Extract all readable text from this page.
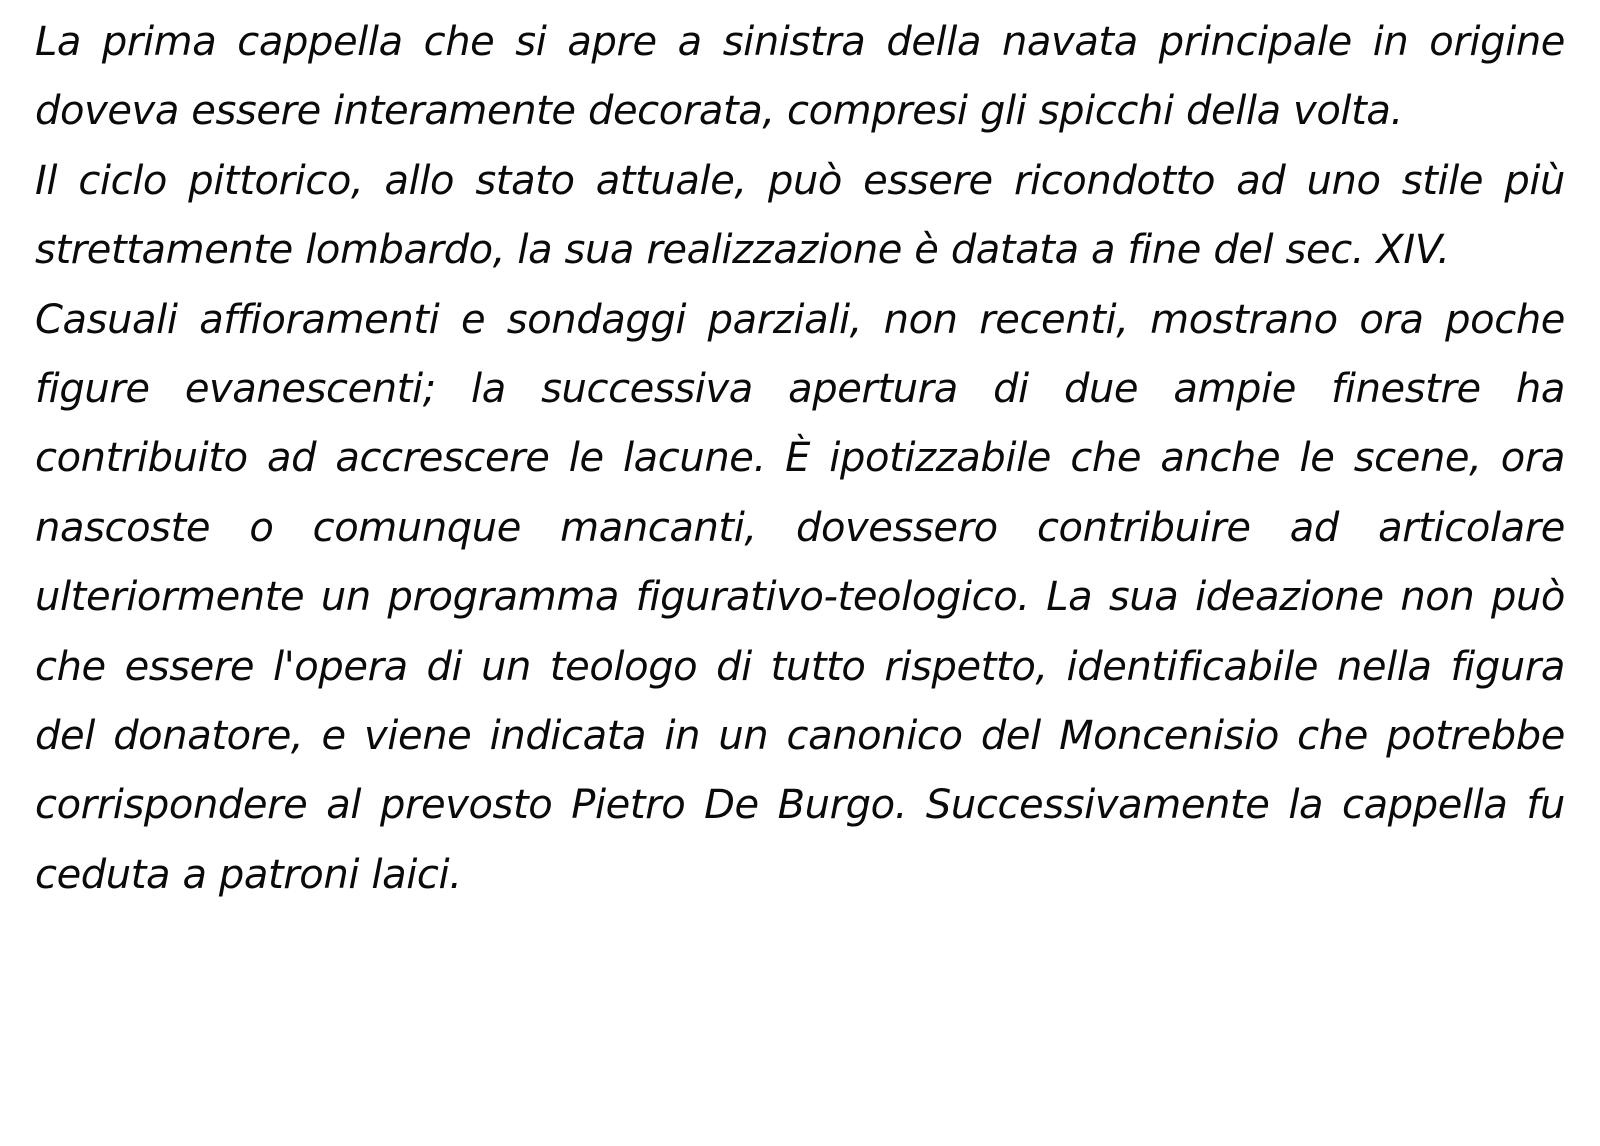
La prima cappella che si apre a sinistra della navata principale in origine doveva essere interamente decorata, compresi gli spicchi della volta.

Il ciclo pittorico, allo stato attuale, può essere ricondotto ad uno stile più strettamente lombardo, la sua realizzazione è datata a fine del sec. XIV.

Casuali affioramenti e sondaggi parziali, non recenti, mostrano ora poche figure evanescenti; la successiva apertura di due ampie finestre ha contribuito ad accrescere le lacune. È ipotizzabile che anche le scene, ora nascoste o comunque mancanti, dovessero contribuire ad articolare ulteriormente un programma figurativo-teologico. La sua ideazione non può che essere l'opera di un teologo di tutto rispetto, identificabile nella figura del donatore, e viene indicata in un canonico del Moncenisio che potrebbe corrispondere al prevosto Pietro De Burgo. Successivamente la cappella fu ceduta a patroni laici.
